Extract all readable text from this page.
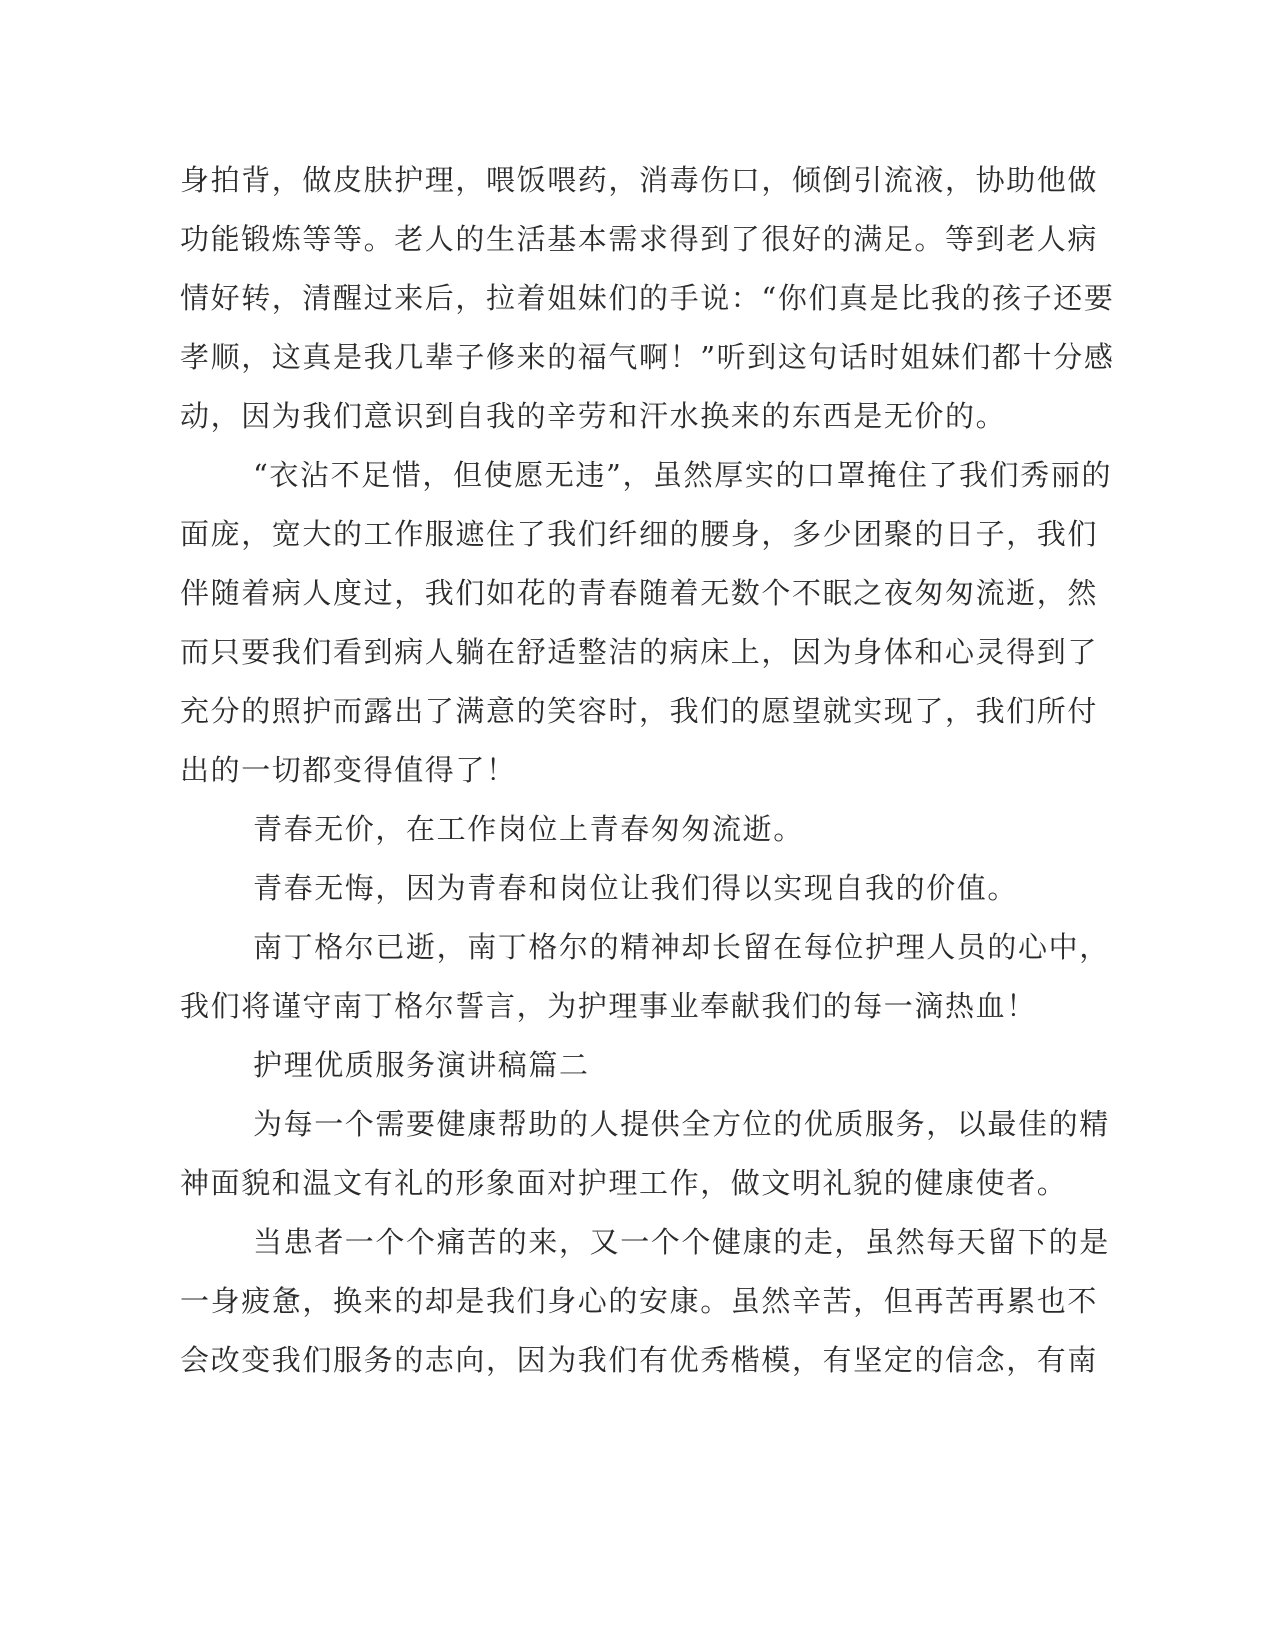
身拍背，做皮肤护理，喂饭喂药，消毒伤口，倾倒引流液，协助他做

功能锻炼等等。老人的生活基本需求得到了很好的满足。等到老人病

情好转，清醒过来后，拉着姐妹们的手说：“你们真是比我的孩子还要

孝顺，这真是我几辈子修来的福气啊！”听到这句话时姐妹们都十分感

动，因为我们意识到自我的辛劳和汗水换来的东西是无价的。

“衣沾不足惜，但使愿无违”，虽然厚实的口罩掩住了我们秀丽的

面庞，宽大的工作服遮住了我们纤细的腰身，多少团聚的日子，我们

伴随着病人度过，我们如花的青春随着无数个不眠之夜匆匆流逝，然

而只要我们看到病人躺在舒适整洁的病床上，因为身体和心灵得到了

充分的照护而露出了满意的笑容时，我们的愿望就实现了，我们所付

出的一切都变得值得了！

青春无价，在工作岗位上青春匆匆流逝。

青春无悔，因为青春和岗位让我们得以实现自我的价值。

南丁格尔已逝，南丁格尔的精神却长留在每位护理人员的心中，

我们将谨守南丁格尔誓言，为护理事业奉献我们的每一滴热血！

护理优质服务演讲稿篇二

为每一个需要健康帮助的人提供全方位的优质服务，以最佳的精

神面貌和温文有礼的形象面对护理工作，做文明礼貌的健康使者。

当患者一个个痛苦的来，又一个个健康的走，虽然每天留下的是

一身疲惫，换来的却是我们身心的安康。虽然辛苦，但再苦再累也不

会改变我们服务的志向，因为我们有优秀楷模，有坚定的信念，有南
